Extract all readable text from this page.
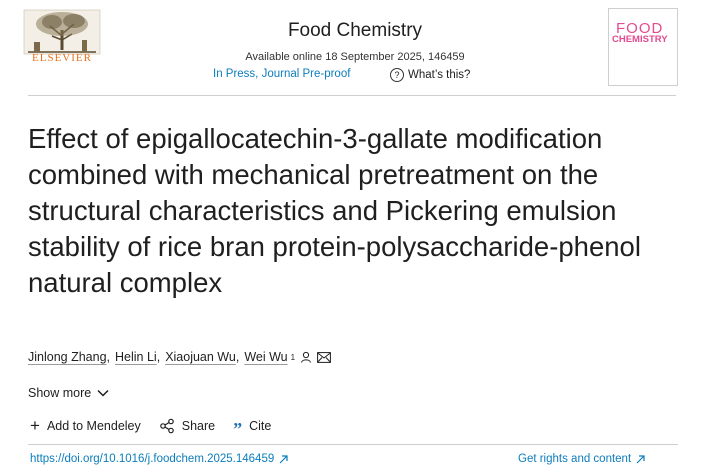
ELSEVIER
Food Chemistry
Available online 18 September 2025, 146459
In Press, Journal Pre-proof	? What’s this?
FOOD
CHEMISTRY
Effect of epigallocatechin-3-gallate modification combined with mechanical pretreatment on the structural characteristics and Pickering emulsion stability of rice bran protein-polysaccharide-phenol natural complex
Jinlong Zhang , Helin Li , Xiaojuan Wu , Wei Wu 1
Show more
+ Add to Mendeley	Share ” Cite
https://doi.org/10.1016/j.foodchem.2025.146459	Get rights and content
